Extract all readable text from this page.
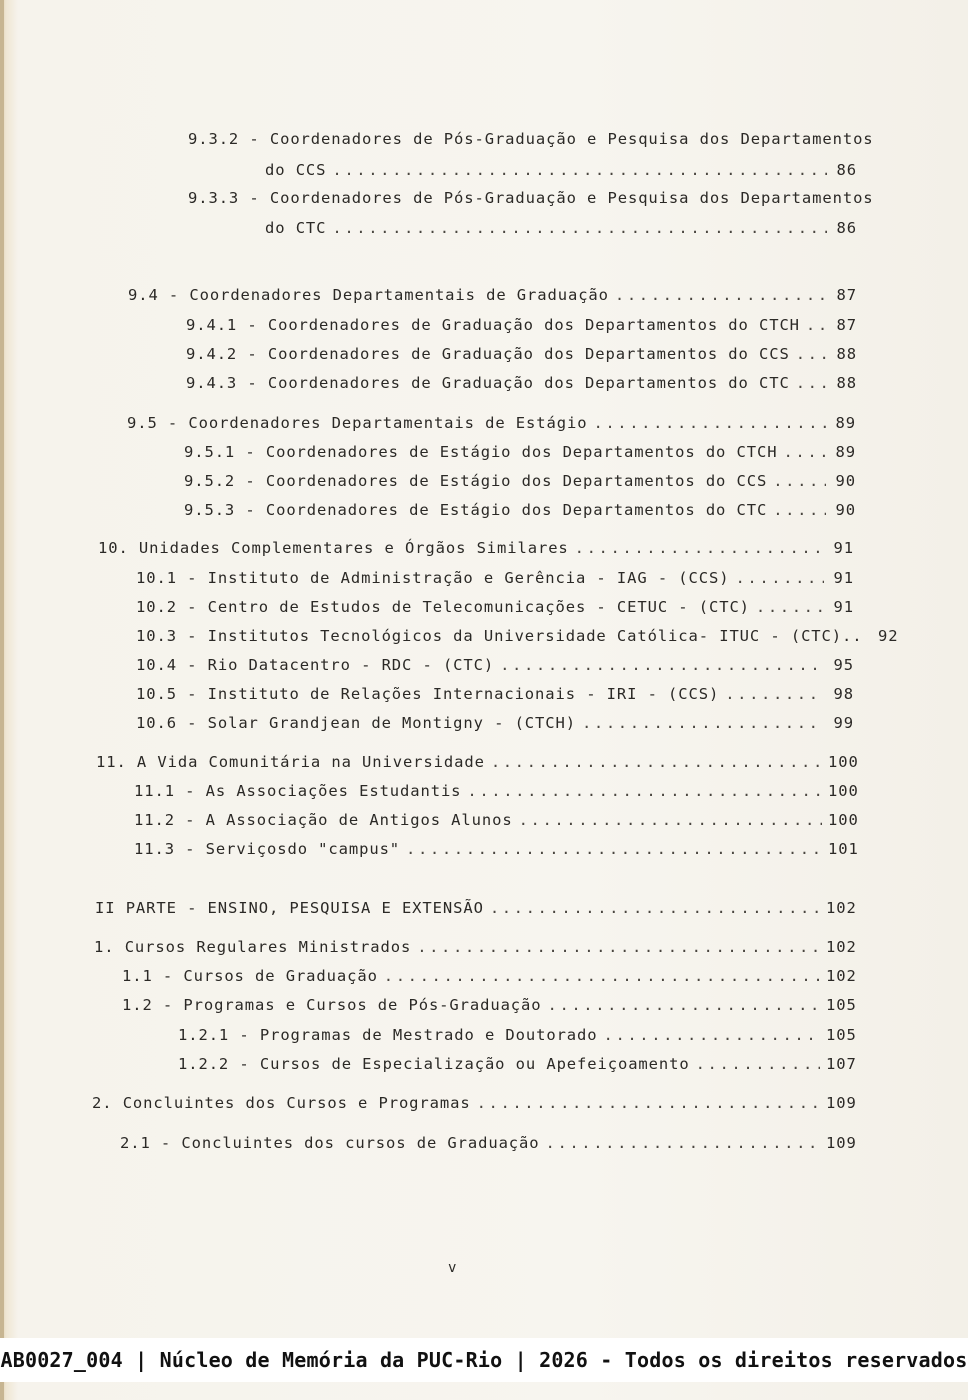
9.3.2 - Coordenadores de Pós-Graduação e Pesquisa dos Departamentos
do CCS .....	86
9.3.3 - Coordenadores de Pós-Graduação e Pesquisa dos Departamentos
do CTC .....	86
9.4 - Coordenadores Departamentais de Graduação .....	87
9.4.1 - Coordenadores de Graduação dos Departamentos do CTCH ..... 87
9.4.2 - Coordenadores de Graduação dos Departamentos do CCS .....	88
9.4.3 - Coordenadores de Graduação dos Departamentos do CTC .....	88
9.5 - Coordenadores Departamentais de Estágio .....	89
9.5.1 - Coordenadores de Estágio dos Departamentos do CTCH .....	89
9.5.2 - Coordenadores de Estágio dos Departamentos do CCS .....	90
9.5.3 - Coordenadores de Estágio dos Departamentos do CTC .....	90
10. Unidades Complementares e Órgãos Similares .....	91
10.1 - Instituto de Administração e Gerência - IAG - (CCS) .....	91
10.2 - Centro de Estudos de Telecomunicações - CETUC - (CTC) .....	91
10.3 - Institutos Tecnológicos da Universidade Católica- ITUC - (CTC).. 92
10.4 - Rio Datacentro - RDC - (CTC) .....	95
10.5 - Instituto de Relações Internacionais - IRI - (CCS) .....	98
10.6 - Solar Grandjean de Montigny - (CTCH) .....	99
11. A Vida Comunitária na Universidade .....	100
11.1 - As Associações Estudantis .....	100
11.2 - A Associação de Antigos Alunos .....	100
11.3 - Serviçosdo "campus" .....	101
II PARTE - ENSINO, PESQUISA E EXTENSÃO .....	102
1. Cursos Regulares Ministrados .....	102
1.1 - Cursos de Graduação .....	102
1.2 - Programas e Cursos de Pós-Graduação .....	105
1.2.1 - Programas de Mestrado e Doutorado .....	105
1.2.2 - Cursos de Especialização ou Apefeiçoamento .....	107
2. Concluintes dos Cursos e Programas .....	109
2.1 - Concluintes dos cursos de Graduação .....	109
v
AB0027_004 | Núcleo de Memória da PUC-Rio | 2026 - Todos os direitos reservados
